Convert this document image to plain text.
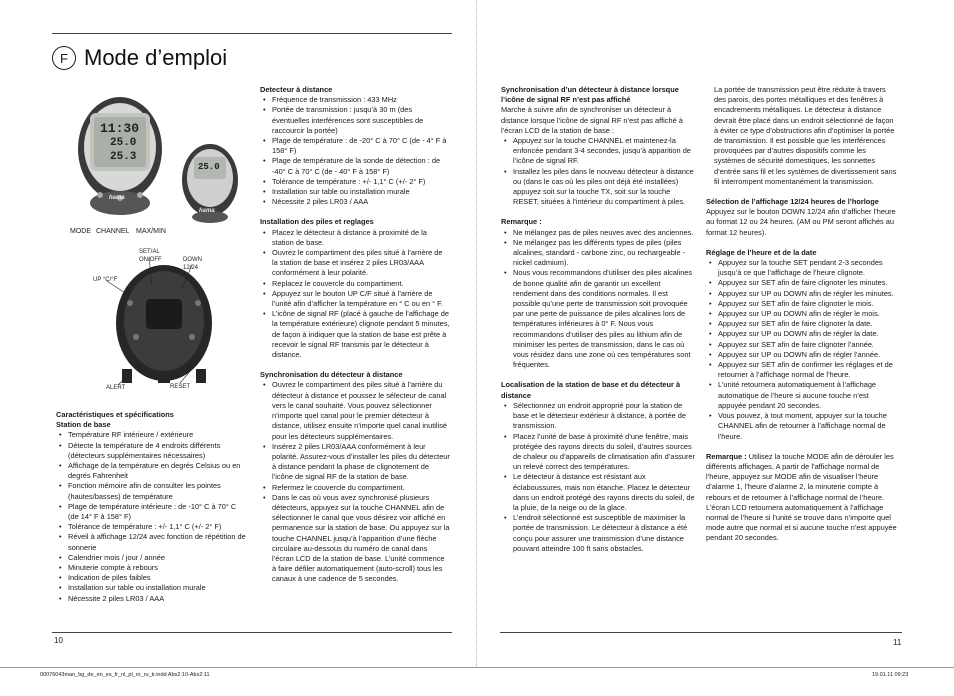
F Mode d’emploi
11:30
25.0
25.3
25.0
hama
hama
MODE CHANNEL MAX/MIN
SET/AL
ON/OFF	DOWN
12/24
UP °C/°F
ALERT	RESET
Caractéristiques et spécifications
Station de base
• Température RF intérieure / extérieure
• Détecte la température de 4 endroits différents (détecteurs supplémentaires nécessaires)
• Affichage de la température en degrés Celsius ou en degrés Fahrenheit
• Fonction mémoire afin de consulter les pointes (hautes/basses) de température
• Plage de température intérieure : de -10° C à 70° C (de 14° F à 158° F)
• Tolérance de température : +/- 1,1° C (+/- 2° F)
• Réveil à affichage 12/24 avec fonction de répétition de sonnerie
• Calendrier mois / jour / année
• Minuterie compte à rebours
• Indication de piles faibles
• Installation sur table ou installation murale
• Nécessite 2 piles LR03 / AAA
Detecteur à distance
• Fréquence de transmission : 433 MHz
• Portée de transmission : jusqu’à 30 m (des éventuelles interférences sont susceptibles de raccourcir la portée)
• Plage de température : de -20° C à 70° C (de - 4° F à 158° F)
• Plage de température de la sonde de détection : de -40° C à 70° C (de - 40° F à 158° F)
• Tolérance de température : +/- 1,1° C (+/- 2° F)
• Installation sur table ou installation murale
• Nécessite 2 piles LR03 / AAA
Installation des piles et reglages
• Placez le détecteur à distance à proximité de la station de base.
• Ouvrez le compartiment des piles situé à l’arrière de la station de base et insérez 2 piles LR03/AAA conformément à leur polarité.
• Replacez le couvercle du compartiment.
• Appuyez sur le bouton UP C/F situé à l’arrière de l’unité afin d’afficher la température en ° C ou en ° F.
• L’icône de signal RF (placé à gauche de l’affichage de la température extérieure) clignote pendant 5 minutes, de façon à indiquer que la station de base est prête à recevoir le signal RF transmis par le détecteur à distance.
Synchronisation du détecteur à distance
• Ouvrez le compartiment des piles situé à l’arrière du détecteur à distance et poussez le sélecteur de canal vers le canal souhaité. Vous pouvez sélectionner n’importe quel canal pour le premier détecteur à distance, utilisez ensuite n’importe quel canal inutilisé pour les détecteurs supplémentaires.
• Insérez 2 piles LR03/AAA conformément à leur polarité. Assurez-vous d’installer les piles du détecteur à distance pendant la phase de clignotement de l’icône de signal RF de la station de base.
• Refermez le couvercle du compartiment.
• Dans le cas où vous avez synchronisé plusieurs détecteurs, appuyez sur la touche CHANNEL afin de sélectionner le canal que vous désirez voir affiché en permanence sur la station de base. Ou appuyez sur la touche CHANNEL jusqu’à l’apparition d’une flèche circulaire au-dessous du numéro de canal dans l’écran LCD de la station de base. L’unité commence à faire défiler automatiquement (auto-scroll) tous les canaux à une cadence de 5 secondes.
Synchronisation d’un détecteur à distance lorsque l’icône de signal RF n’est pas affiché

Marche à suivre afin de synchroniser un détecteur à distance lorsque l’icône de signal RF n’est pas affiché à l’écran LCD de la station de base :

• Appuyez sur la touche CHANNEL et maintenez-la enfoncée pendant 3-4 secondes, jusqu’à apparition de l’icône de signal RF.
• Installez les piles dans le nouveau détecteur à distance ou (dans le cas où les piles ont déjà été installées) appuyez soit sur la touche TX, soit sur la touche RESET, situées à l’intérieur du compartiment à piles.
Remarque :
• Ne mélangez pas de piles neuves avec des anciennes.
• Ne mélangez pas les différents types de piles (piles alcalines, standard - carbone zinc, ou rechargeable - nickel cadmium).
• Nous vous recommandons d’utiliser des piles alcalines de bonne qualité afin de garantir un excellent rendement dans des conditions normales. Il est possible qu’une perte de transmission soit provoquée par une perte de puissance de piles alcalines lors de températures inférieures à 0° F. Nous vous recommandons d’utiliser des piles au lithium afin de minimiser les pertes de transmission, dans le cas où vous résidez dans une zone où ces températures sont fréquentes.
Localisation de la station de base et du détecteur à distance
• Sélectionnez un endroit approprié pour la station de base et le détecteur extérieur à distance, à portée de transmission.
• Placez l’unité de base à proximité d’une fenêtre, mais protégée des rayons directs du soleil, d’autres sources de chaleur ou d’appareils de climatisation afin d’assurer un relevé correct des températures.
• Le détecteur à distance est résistant aux éclaboussures, mais non étanche. Placez le détecteur dans un endroit protégé des rayons directs du soleil, de la pluie, de la neige ou de la glace.
• L’endroit sélectionné est susceptible de maximiser la portée de transmission. Le détecteur à distance a été conçu pour assurer une transmission d’une distance pouvant atteindre 100 ft sans obstacles.

La portée de transmission peut être réduite à travers des parois, des portes métalliques et des fenêtres à encadrements métalliques. Le détecteur à distance devrait être placé dans un endroit sélectionné de façon à éviter ce type d’obstructions afin d’optimiser la portée de transmission. Il est possible que les interférences provoquées par d’autres dispositifs comme les systèmes de sécurité domestiques, les sonnettes d’entrée sans fil et les systèmes de divertissement sans fil interrompent momentanément la transmission.

Sélection de l’affichage 12/24 heures de l’horloge

Appuyez sur le bouton DOWN 12/24 afin d’afficher l’heure au format 12 ou 24 heures. (AM ou PM seront affichés au format 12 heures).

Réglage de l’heure et de la date
• Appuyez sur la touche SET pendant 2-3 secondes jusqu’à ce que l’affichage de l’heure clignote.
• Appuyez sur SET afin de faire clignoter les minutes.
• Appuyez sur UP ou DOWN afin de régler les minutes.
• Appuyez sur SET afin de faire clignoter le mois.
• Appuyez sur UP ou DOWN afin de régler le mois.
• Appuyez sur SET afin de faire clignoter la date.
• Appuyez sur UP ou DOWN afin de régler la date.
• Appuyez sur SET afin de faire clignoter l’année.
• Appuyez sur UP ou DOWN afin de régler l’année.
• Appuyez sur SET afin de confirmer les réglages et de retourner à l’affichage normal de l’heure.
• L’unité retournera automatiquement à l’affichage automatique de l’heure si aucune touche n’est appuyée pendant 20 secondes.
• Vous pouvez, à tout moment, appuyer sur la touche CHANNEL afin de retourner à l’affichage normal de l’heure.

Remarque : Utilisez la touche MODE afin de dérouler les différents affichages. A partir de l’affichage normal de l’heure, appuyez sur MODE afin de visualiser l’heure d’alarme 1, l’heure d’alarme 2, la minuterie compte à rebours et de retourner à l’affichage normal de l’heure. L’écran LCD retournera automatiquement à l’affichage normal de l’heure si l’unité se trouve dans n’importe quel mode autre que normal et si aucune touche n’est appuyée pendant 20 secondes.

10	11
00076043man_bg_de_en_es_fr_nl_pl_ro_ru_tr.indd Abs2:10-Abs2:11	19.01.11 09:23
